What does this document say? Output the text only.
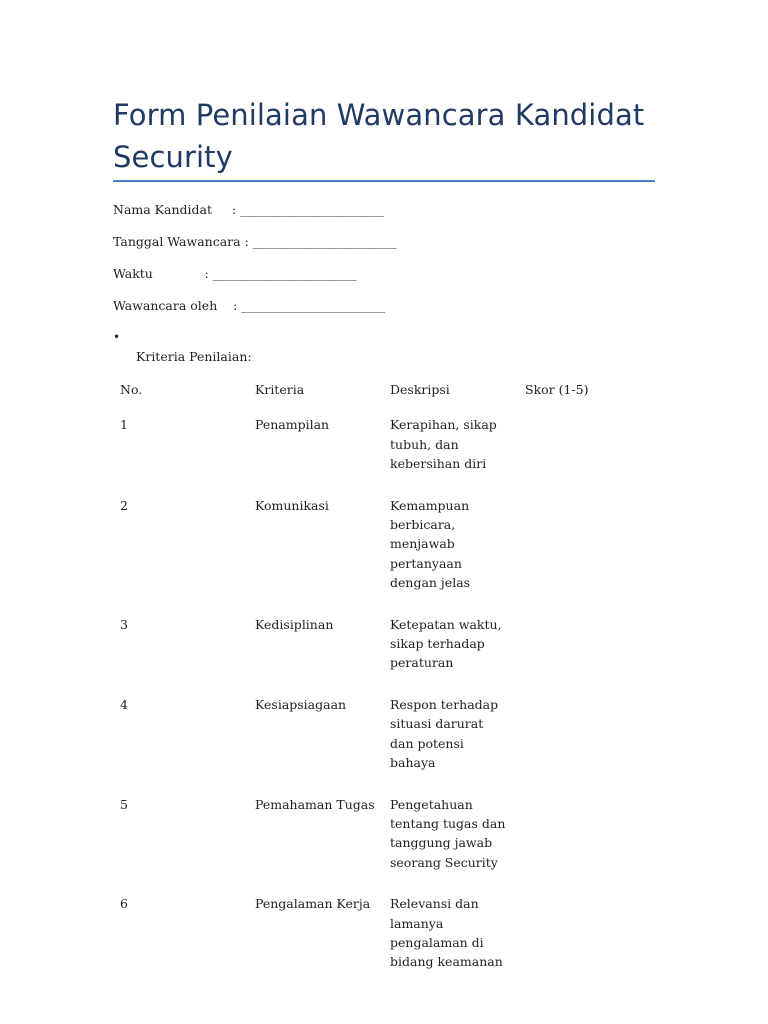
Form Penilaian Wawancara Kandidat Security
Nama Kandidat     : _______________________
Tanggal Wawancara : _______________________
Waktu             : _______________________
Wawancara oleh    : _______________________
•
Kriteria Penilaian:
No.	Kriteria	Deskripsi	Skor (1-5)
1	Penampilan	Kerapihan, sikap tubuh, dan kebersihan diri	
2	Komunikasi	Kemampuan berbicara, menjawab pertanyaan dengan jelas	
3	Kedisiplinan	Ketepatan waktu, sikap terhadap peraturan	
4	Kesiapsiagaan	Respon terhadap situasi darurat dan potensi bahaya	
5	Pemahaman Tugas	Pengetahuan tentang tugas dan tanggung jawab seorang Security	
6	Pengalaman Kerja	Relevansi dan lamanya pengalaman di bidang keamanan	
